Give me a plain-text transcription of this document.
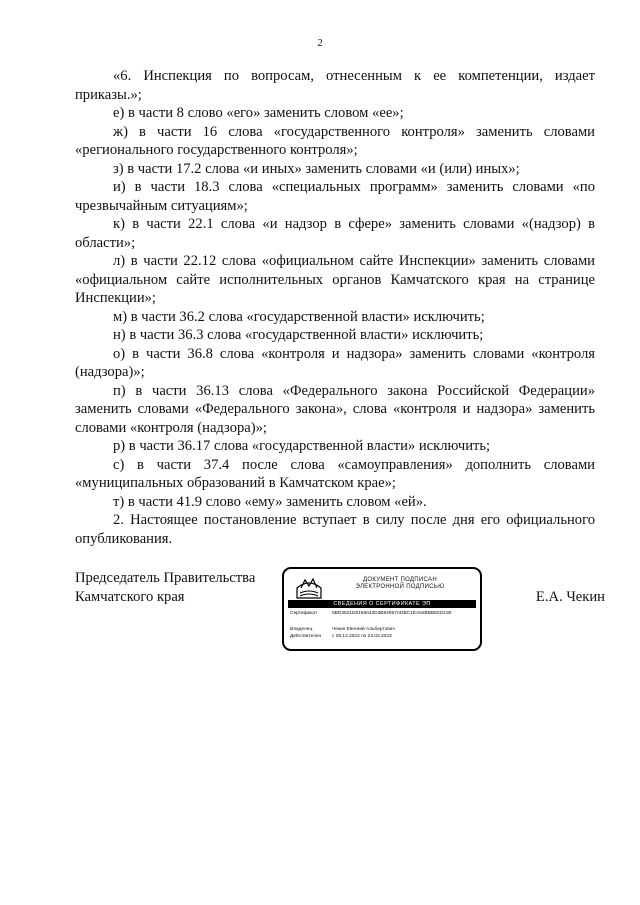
2

«6. Инспекция по вопросам, отнесенным к ее компетенции, издает приказы.»;

е) в части 8 слово «его» заменить словом «ее»;

ж) в части 16 слова «государственного контроля» заменить словами «регионального государственного контроля»;

з) в части 17.2 слова «и иных» заменить словами «и (или) иных»;

и) в части 18.3 слова «специальных программ» заменить словами «по чрезвычайным ситуациям»;

к) в части 22.1 слова «и надзор в сфере» заменить словами «(надзор) в области»;

л) в части 22.12 слова «официальном сайте Инспекции» заменить словами «официальном сайте исполнительных органов Камчатского края на странице Инспекции»;

м) в части 36.2 слова «государственной власти» исключить;

н) в части 36.3 слова «государственной власти» исключить;

о) в части 36.8 слова «контроля и надзора» заменить словами «контроля (надзора)»;

п) в части 36.13 слова «Федерального закона Российской Федерации» заменить словами «Федерального закона», слова «контроля и надзора» заменить словами «контроля (надзора)»;

р) в части 36.17 слова «государственной власти» исключить;

с) в части 37.4 после слова «самоуправления» дополнить словами «муниципальных образований в Камчатском крае»;

т) в части 41.9 слово «ему» заменить словом «ей».

2. Настоящее постановление вступает в силу после дня его официального опубликования.

Председатель Правительства
Камчатского края
ДОКУМЕНТ ПОДПИСАН
ЭЛЕКТРОННОЙ ПОДПИСЬЮ
СВЕДЕНИЯ О СЕРТИФИКАТЕ ЭП
Сертификат	5BD3621D5166043D3B84957ADBC1EA52BBB82D21B
Владелец	Чекин Евгений Альбертович
Действителен с 29.12.2022 по 23.03.2023
Е.А. Чекин
